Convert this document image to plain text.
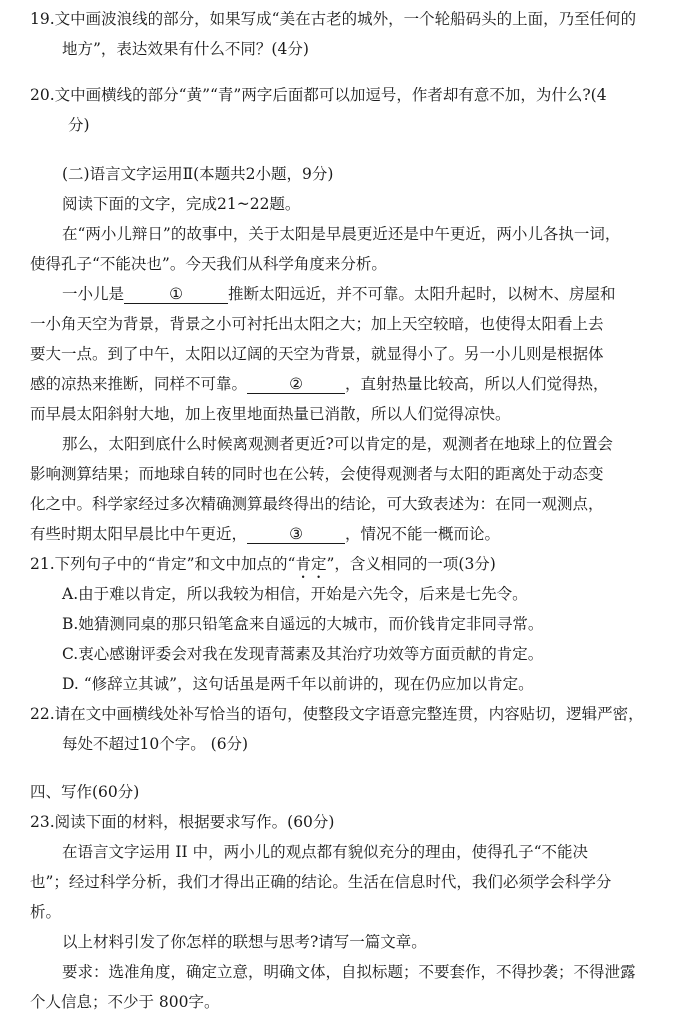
19.文中画波浪线的部分，如果写成“美在古老的城外，一个轮船码头的上面，乃至任何的
地方”，表达效果有什么不同？(4分)
20.文中画横线的部分“黄”“青”两字后面都可以加逗号，作者却有意不加，为什么?(4
分)
(二)语言文字运用Ⅱ(本题共2小题，9分)
阅读下面的文字，完成21~22题。
在“两小儿辩日”的故事中，关于太阳是早晨更近还是中午更近，两小儿各执一词，
使得孔子“不能决也”。今天我们从科学角度来分析。
一小儿是	①	推断太阳远近，并不可靠。太阳升起时，以树木、房屋和
一小角天空为背景，背景之小可衬托出太阳之大；加上天空较暗，也使得太阳看上去
要大一点。到了中午，太阳以辽阔的天空为背景，就显得小了。另一小儿则是根据体
感的凉热来推断，同样不可靠。	②	，直射热量比较高，所以人们觉得热，
而早晨太阳斜射大地，加上夜里地面热量已消散，所以人们觉得凉快。
那么，太阳到底什么时候离观测者更近?可以肯定的是，观测者在地球上的位置会
影响测算结果；而地球自转的同时也在公转，会使得观测者与太阳的距离处于动态变
化之中。科学家经过多次精确测算最终得出的结论，可大致表述为：在同一观测点，
有些时期太阳早晨比中午更近，	③	，情况不能一概而论。
21.下列句子中的“肯定”和文中加点的“肯定”，含义相同的一项(3分)
A.由于难以肯定，所以我较为相信，开始是六先令，后来是七先令。
B.她猜测同桌的那只铅笔盒来自遥远的大城市，而价钱肯定非同寻常。
C.衷心感谢评委会对我在发现青蒿素及其治疗功效等方面贡献的肯定。
D. “修辞立其诚”，这句话虽是两千年以前讲的，现在仍应加以肯定。
22.请在文中画横线处补写恰当的语句，使整段文字语意完整连贯，内容贴切，逻辑严密，
每处不超过10个字。 (6分)
四、写作(60分)
23.阅读下面的材料，根据要求写作。(60分)
在语言文字运用 II 中，两小儿的观点都有貌似充分的理由，使得孔子“不能决
也”；经过科学分析，我们才得出正确的结论。生活在信息时代，我们必须学会科学分
析。
以上材料引发了你怎样的联想与思考?请写一篇文章。
要求：选准角度，确定立意，明确文体，自拟标题；不要套作，不得抄袭；不得泄露
个人信息；不少于 800字。
